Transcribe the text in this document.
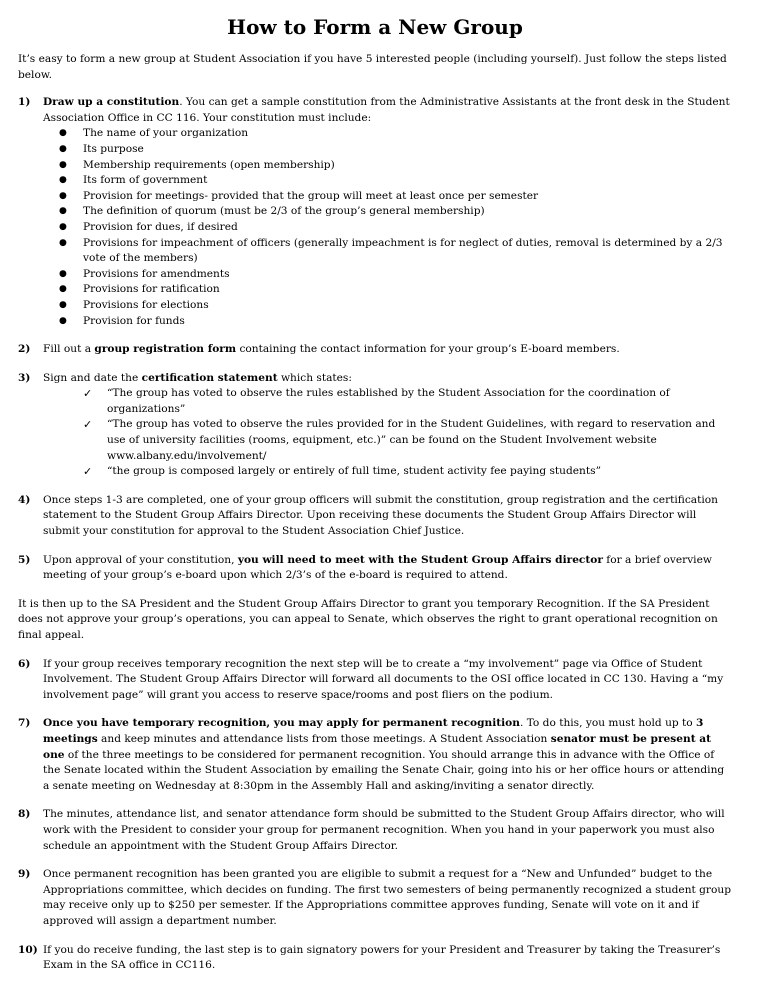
How to Form a New Group

It’s easy to form a new group at Student Association if you have 5 interested people (including yourself). Just follow the steps listed below.

1)	Draw up a constitution. You can get a sample constitution from the Administrative Assistants at the front desk in the Student Association Office in CC 116. Your constitution must include:

●	The name of your organization
●	Its purpose
●	Membership requirements (open membership)
●	Its form of government
●	Provision for meetings- provided that the group will meet at least once per semester
●	The definition of quorum (must be 2/3 of the group’s general membership)
●	Provision for dues, if desired
●	Provisions for impeachment of officers (generally impeachment is for neglect of duties, removal is determined by a 2/3 vote of the members)
●	Provisions for amendments
●	Provisions for ratification
●	Provisions for elections
●	Provision for funds
2)	Fill out a group registration form containing the contact information for your group’s E-board members.

3)	Sign and date the certification statement which states:

✓	“The group has voted to observe the rules established by the Student Association for the coordination of organizations”
✓	“The group has voted to observe the rules provided for in the Student Guidelines, with regard to reservation and use of university facilities (rooms, equipment, etc.)” can be found on the Student Involvement website www.albany.edu/involvement/
✓	“the group is composed largely or entirely of full time, student activity fee paying students”
4)	Once steps 1-3 are completed, one of your group officers will submit the constitution, group registration and the certification statement to the Student Group Affairs Director. Upon receiving these documents the Student Group Affairs Director will submit your constitution for approval to the Student Association Chief Justice.

5)	Upon approval of your constitution, you will need to meet with the Student Group Affairs director for a brief overview meeting of your group’s e-board upon which 2/3’s of the e-board is required to attend.

It is then up to the SA President and the Student Group Affairs Director to grant you temporary Recognition. If the SA President does not approve your group’s operations, you can appeal to Senate, which observes the right to grant operational recognition on final appeal.

6)	If your group receives temporary recognition the next step will be to create a “my involvement” page via Office of Student Involvement. The Student Group Affairs Director will forward all documents to the OSI office located in CC 130. Having a “my involvement page” will grant you access to reserve space/rooms and post fliers on the podium.

7)	Once you have temporary recognition, you may apply for permanent recognition. To do this, you must hold up to 3 meetings and keep minutes and attendance lists from those meetings. A Student Association senator must be present at one of the three meetings to be considered for permanent recognition. You should arrange this in advance with the Office of the Senate located within the Student Association by emailing the Senate Chair, going into his or her office hours or attending a senate meeting on Wednesday at 8:30pm in the Assembly Hall and asking/inviting a senator directly.

8)	The minutes, attendance list, and senator attendance form should be submitted to the Student Group Affairs director, who will work with the President to consider your group for permanent recognition. When you hand in your paperwork you must also schedule an appointment with the Student Group Affairs Director.

9)	Once permanent recognition has been granted you are eligible to submit a request for a “New and Unfunded” budget to the Appropriations committee, which decides on funding. The first two semesters of being permanently recognized a student group may receive only up to $250 per semester. If the Appropriations committee approves funding, Senate will vote on it and if approved will assign a department number.

10) If you do receive funding, the last step is to gain signatory powers for your President and Treasurer by taking the Treasurer’s Exam in the SA office in CC116.
